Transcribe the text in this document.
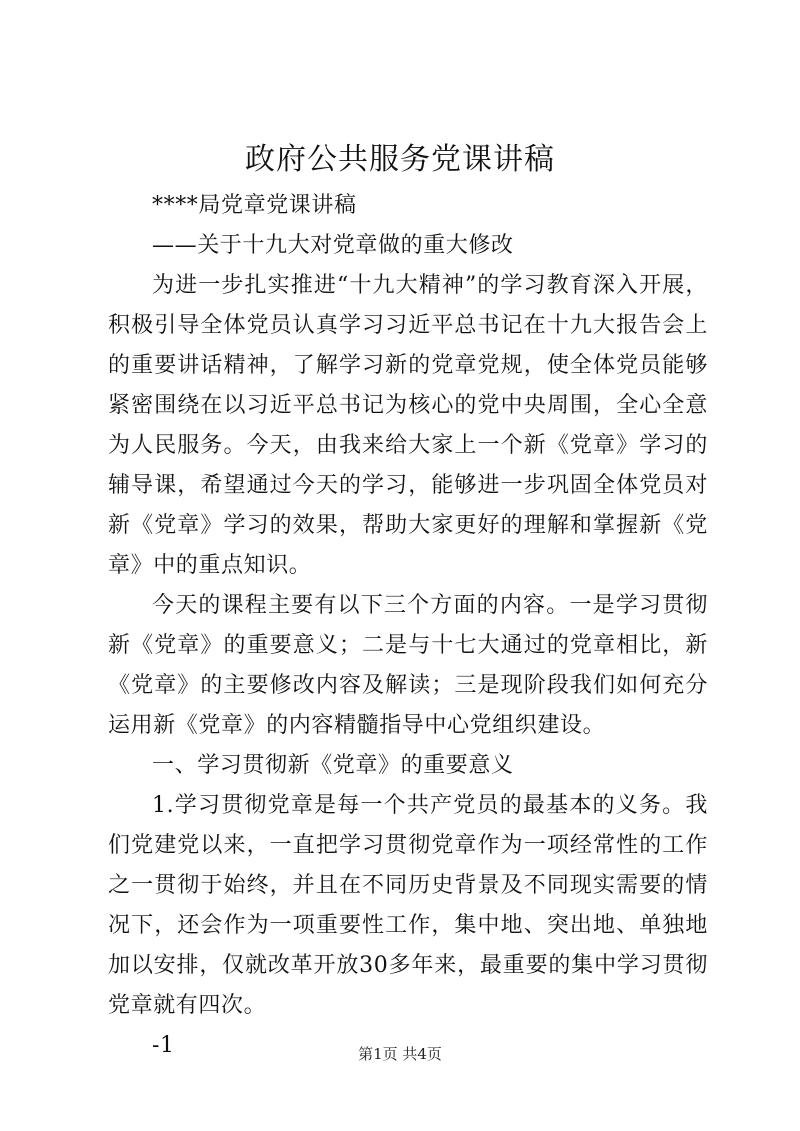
政府公共服务党课讲稿

****局党章党课讲稿

——关于十九大对党章做的重大修改

为进一步扎实推进“十九大精神”的学习教育深入开展，积极引导全体党员认真学习习近平总书记在十九大报告会上的重要讲话精神，了解学习新的党章党规，使全体党员能够紧密围绕在以习近平总书记为核心的党中央周围，全心全意为人民服务。今天，由我来给大家上一个新《党章》学习的辅导课，希望通过今天的学习，能够进一步巩固全体党员对新《党章》学习的效果，帮助大家更好的理解和掌握新《党章》中的重点知识。

今天的课程主要有以下三个方面的内容。一是学习贯彻新《党章》的重要意义；二是与十七大通过的党章相比，新《党章》的主要修改内容及解读；三是现阶段我们如何充分运用新《党章》的内容精髓指导中心党组织建设。

一、学习贯彻新《党章》的重要意义

1.学习贯彻党章是每一个共产党员的最基本的义务。我们党建党以来，一直把学习贯彻党章作为一项经常性的工作之一贯彻于始终，并且在不同历史背景及不同现实需要的情况下，还会作为一项重要性工作，集中地、突出地、单独地加以安排，仅就改革开放30多年来，最重要的集中学习贯彻党章就有四次。

-1	第1页 共4页
